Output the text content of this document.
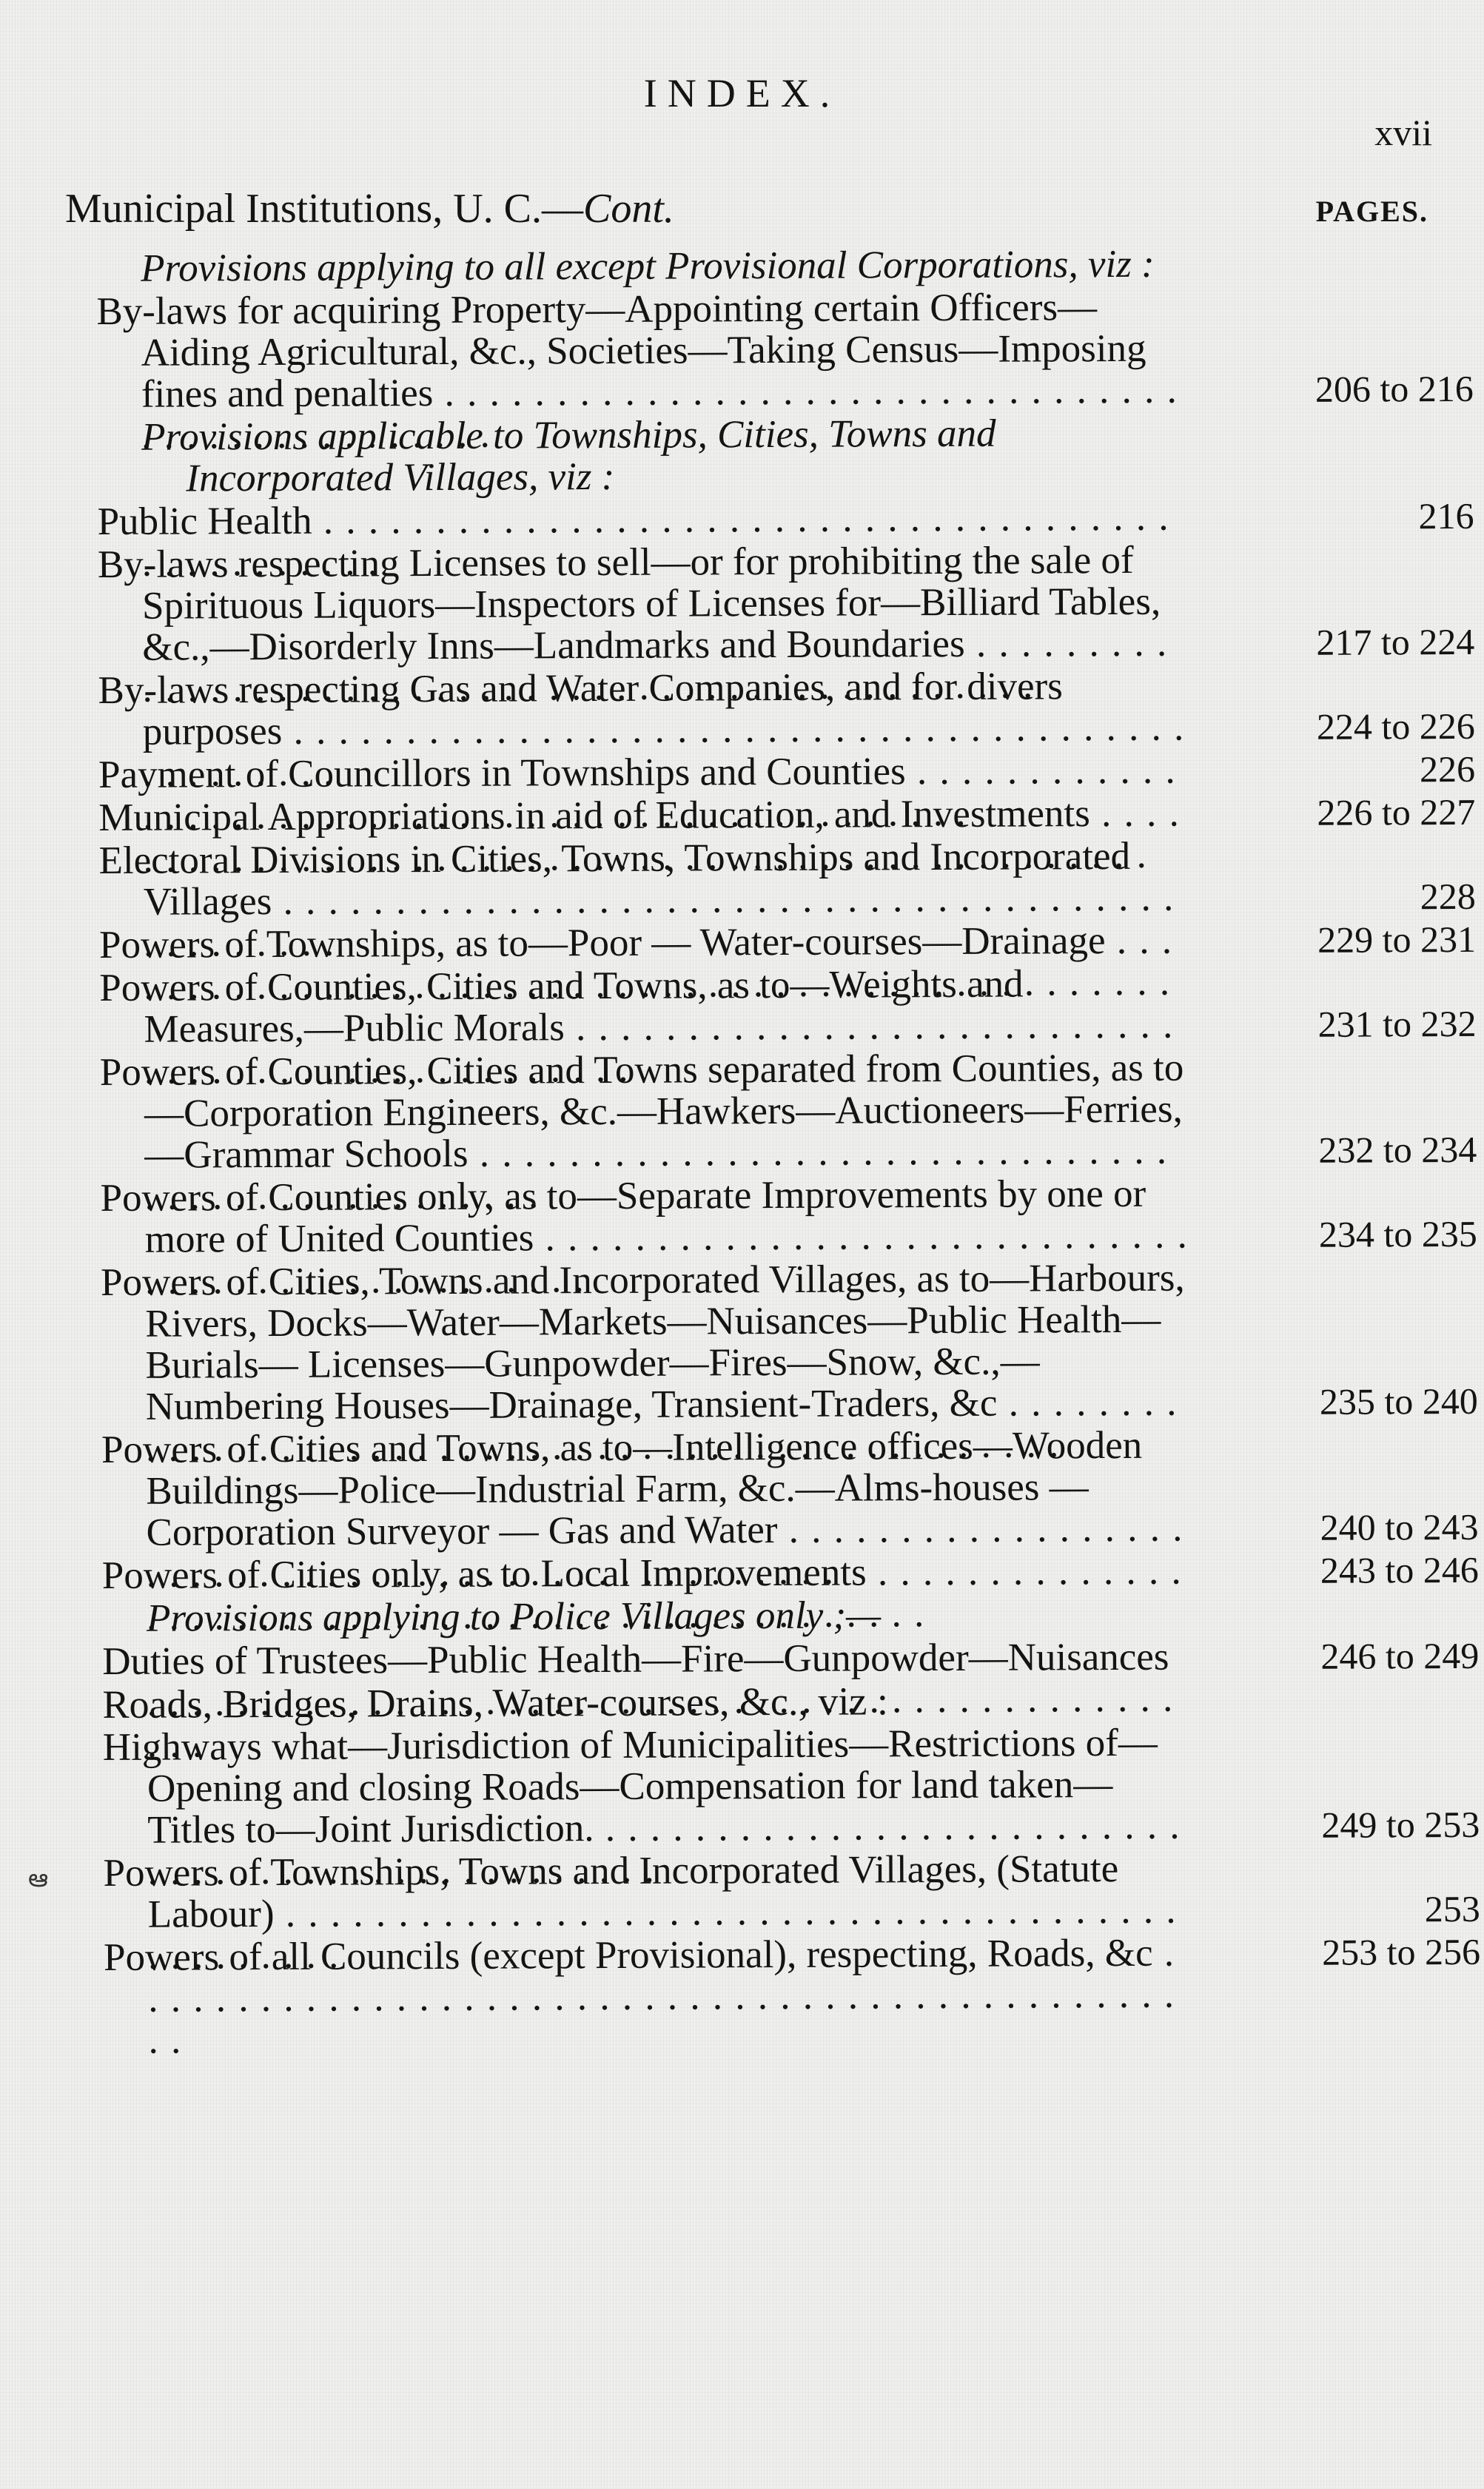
INDEX.
xvii
Municipal Institutions, U. C.—Cont.	PAGES.
ఆ
Provisions applying to all except Provisional Corporations, viz :
By-laws for acquiring Property—Appointing certain Officers—Aiding Agricultural, &c., Societies—Taking Census—Imposing fines and penalties . . .	206 to 216
Provisions applicable to Townships, Cities, Towns and Incorporated Villages, viz :
Public Health . . .	216
By-laws respecting Licenses to sell—or for prohibiting the sale of Spirituous Liquors—Inspectors of Licenses for—Billiard Tables, &c.,—Disorderly Inns—Landmarks and Boundaries . . .	217 to 224
By-laws respecting Gas and Water Companies, and for divers purposes . . .	224 to 226
Payment of Councillors in Townships and Counties . . .	226
Municipal Appropriations in aid of Education, and Investments . . .	226 to 227
Electoral Divisions in Cities, Towns, Townships and Incorporated Villages . . .	228
Powers of Townships, as to—Poor — Water-courses—Drainage . . .	229 to 231
Powers of Counties, Cities and Towns, as to—Weights and Measures,—Public Morals . . .	231 to 232
Powers of Counties, Cities and Towns separated from Counties, as to—Corporation Engineers, &c.—Hawkers—Auctioneers—Ferries,—Grammar Schools . . .	232 to 234
Powers of Counties only, as to—Separate Improvements by one or more of United Counties . . .	234 to 235
Powers of Cities, Towns and Incorporated Villages, as to—Harbours, Rivers, Docks—Water—Markets—Nuisances—Public Health— Burials— Licenses—Gunpowder—Fires—Snow, &c.,—Numbering Houses—Drainage, Transient-Traders, &c . . .	235 to 240
Powers of Cities and Towns, as to—Intelligence offices—Wooden Buildings—Police—Industrial Farm, &c.—Alms-houses — Corporation Surveyor — Gas and Water . . .	240 to 243
Powers of Cities only, as to Local Improvements . . .	243 to 246
Provisions applying to Police Villages only ;—
Duties of Trustees—Public Health—Fire—Gunpowder—Nuisances . . .	246 to 249
Roads, Bridges, Drains, Water-courses, &c., viz :
Highways what—Jurisdiction of Municipalities—Restrictions of—Opening and closing Roads—Compensation for land taken—Titles to—Joint Jurisdiction. . . .	249 to 253
Powers of Townships, Towns and Incorporated Villages, (Statute Labour) . . .	253
Powers of all Councils (except Provisional), respecting, Roads, &c . . .	253 to 256
